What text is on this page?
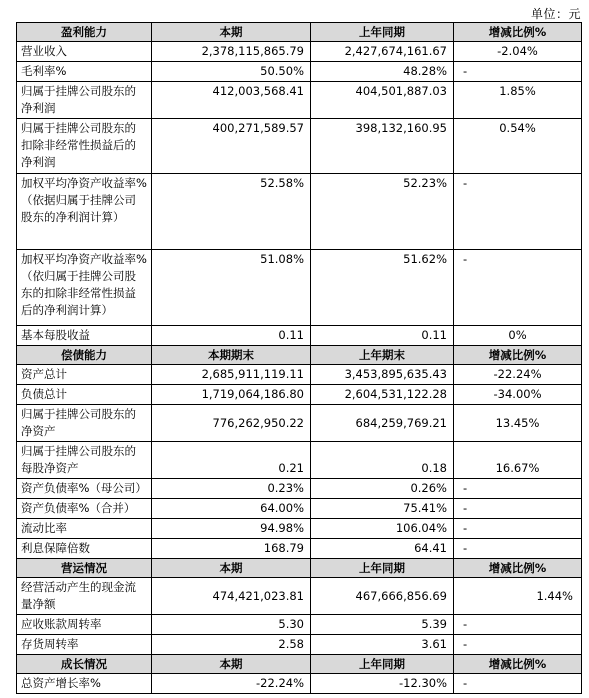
单位：元
盈利能力	本期	上年同期	增减比例%
营业收入	2,378,115,865.79	2,427,674,161.67	-2.04%
毛利率%	50.50%	48.28%	-
归属于挂牌公司股东的净利润	412,003,568.41	404,501,887.03	1.85%
归属于挂牌公司股东的扣除非经常性损益后的净利润	400,271,589.57	398,132,160.95	0.54%
加权平均净资产收益率%（依据归属于挂牌公司股东的净利润计算）	52.58%	52.23%	-
加权平均净资产收益率%（依归属于挂牌公司股东的扣除非经常性损益后的净利润计算）	51.08%	51.62%	-
基本每股收益	0.11	0.11	0%
偿债能力	本期期末	上年期末	增减比例%
资产总计	2,685,911,119.11	3,453,895,635.43	-22.24%
负债总计	1,719,064,186.80	2,604,531,122.28	-34.00%
归属于挂牌公司股东的净资产	776,262,950.22	684,259,769.21	13.45%
归属于挂牌公司股东的每股净资产	0.21	0.18	16.67%
资产负债率%（母公司）	0.23%	0.26%	-
资产负债率%（合并）	64.00%	75.41%	-
流动比率	94.98%	106.04%	-
利息保障倍数	168.79	64.41	-
营运情况	本期	上年同期	增减比例%
经营活动产生的现金流量净额	474,421,023.81	467,666,856.69	1.44%
应收账款周转率	5.30	5.39	-
存货周转率	2.58	3.61	-
成长情况	本期	上年同期	增减比例%
总资产增长率%	-22.24%	-12.30%	-
